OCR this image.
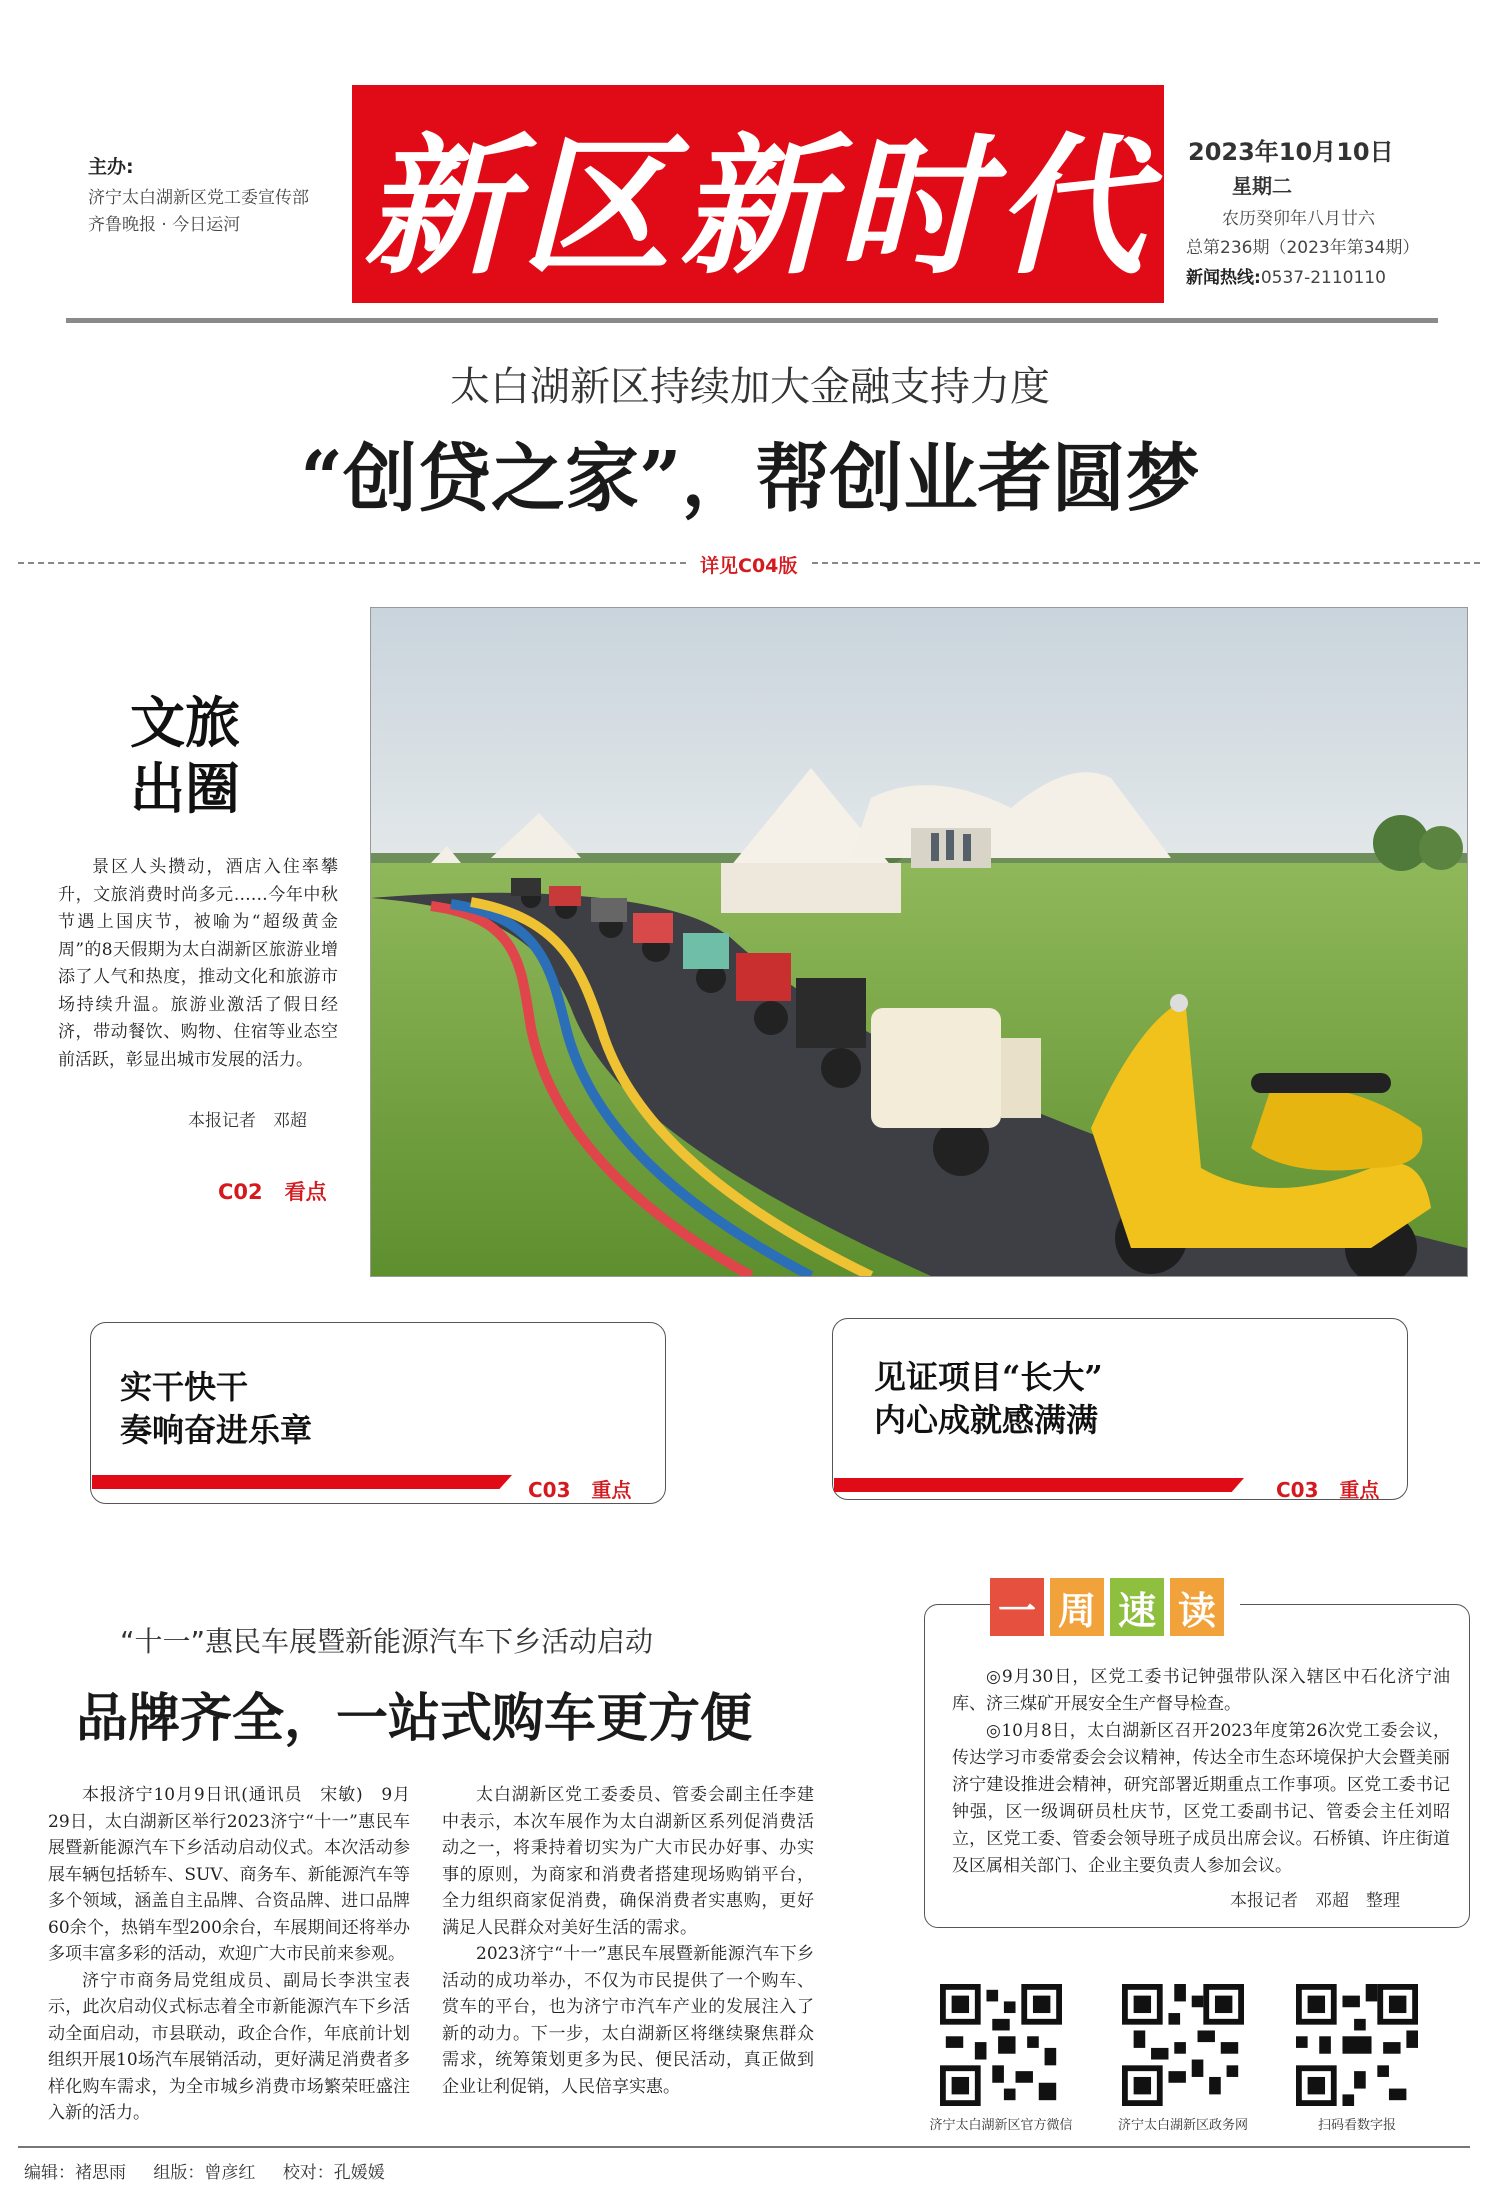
主办:
济宁太白湖新区党工委宣传部
齐鲁晚报 · 今日运河 新区新时代 2023年10月10日
星期二
农历癸卯年八月廿六
总第236期（2023年第34期）
新闻热线:0537-2110110
太白湖新区持续加大金融支持力度
“创贷之家”，帮创业者圆梦
详见C04版
文旅出圈
景区人头攒动，酒店入住率攀升，文旅消费时尚多元……今年中秋节遇上国庆节，被喻为“超级黄金周”的8天假期为太白湖新区旅游业增添了人气和热度，推动文化和旅游市场持续升温。旅游业激活了假日经济，带动餐饮、购物、住宿等业态空前活跃，彰显出城市发展的活力。
本报记者　邓超
C02 看点
实干快干
奏响奋进乐章
C03 重点
见证项目“长大”
内心成就感满满
C03 重点
“十一”惠民车展暨新能源汽车下乡活动启动
品牌齐全，一站式购车更方便

本报济宁10月9日讯(通讯员　宋敏)　9月29日，太白湖新区举行2023济宁“十一”惠民车展暨新能源汽车下乡活动启动仪式。本次活动参展车辆包括轿车、SUV、商务车、新能源汽车等多个领域，涵盖自主品牌、合资品牌、进口品牌60余个，热销车型200余台，车展期间还将举办多项丰富多彩的活动，欢迎广大市民前来参观。

济宁市商务局党组成员、副局长李洪宝表示，此次启动仪式标志着全市新能源汽车下乡活动全面启动，市县联动，政企合作，年底前计划组织开展10场汽车展销活动，更好满足消费者多样化购车需求，为全市城乡消费市场繁荣旺盛注入新的活力。

太白湖新区党工委委员、管委会副主任李建中表示，本次车展作为太白湖新区系列促消费活动之一，将秉持着切实为广大市民办好事、办实事的原则，为商家和消费者搭建现场购销平台，全力组织商家促消费，确保消费者实惠购，更好满足人民群众对美好生活的需求。

2023济宁“十一”惠民车展暨新能源汽车下乡活动的成功举办，不仅为市民提供了一个购车、赏车的平台，也为济宁市汽车产业的发展注入了新的动力。下一步，太白湖新区将继续聚焦群众需求，统筹策划更多为民、便民活动，真正做到企业让利促销，人民倍享实惠。

一 周 速 读

◎9月30日，区党工委书记钟强带队深入辖区中石化济宁油库、济三煤矿开展安全生产督导检查。

◎10月8日，太白湖新区召开2023年度第26次党工委会议，传达学习市委常委会会议精神，传达全市生态环境保护大会暨美丽济宁建设推进会精神，研究部署近期重点工作事项。区党工委书记钟强，区一级调研员杜庆节，区党工委副书记、管委会主任刘昭立，区党工委、管委会领导班子成员出席会议。石桥镇、许庄街道及区属相关部门、企业主要负责人参加会议。

本报记者　邓超　整理
济宁太白湖新区官方微信	济宁太白湖新区政务网	扫码看数字报
编辑：褚思雨 组版：曾彦红 校对：孔媛媛
